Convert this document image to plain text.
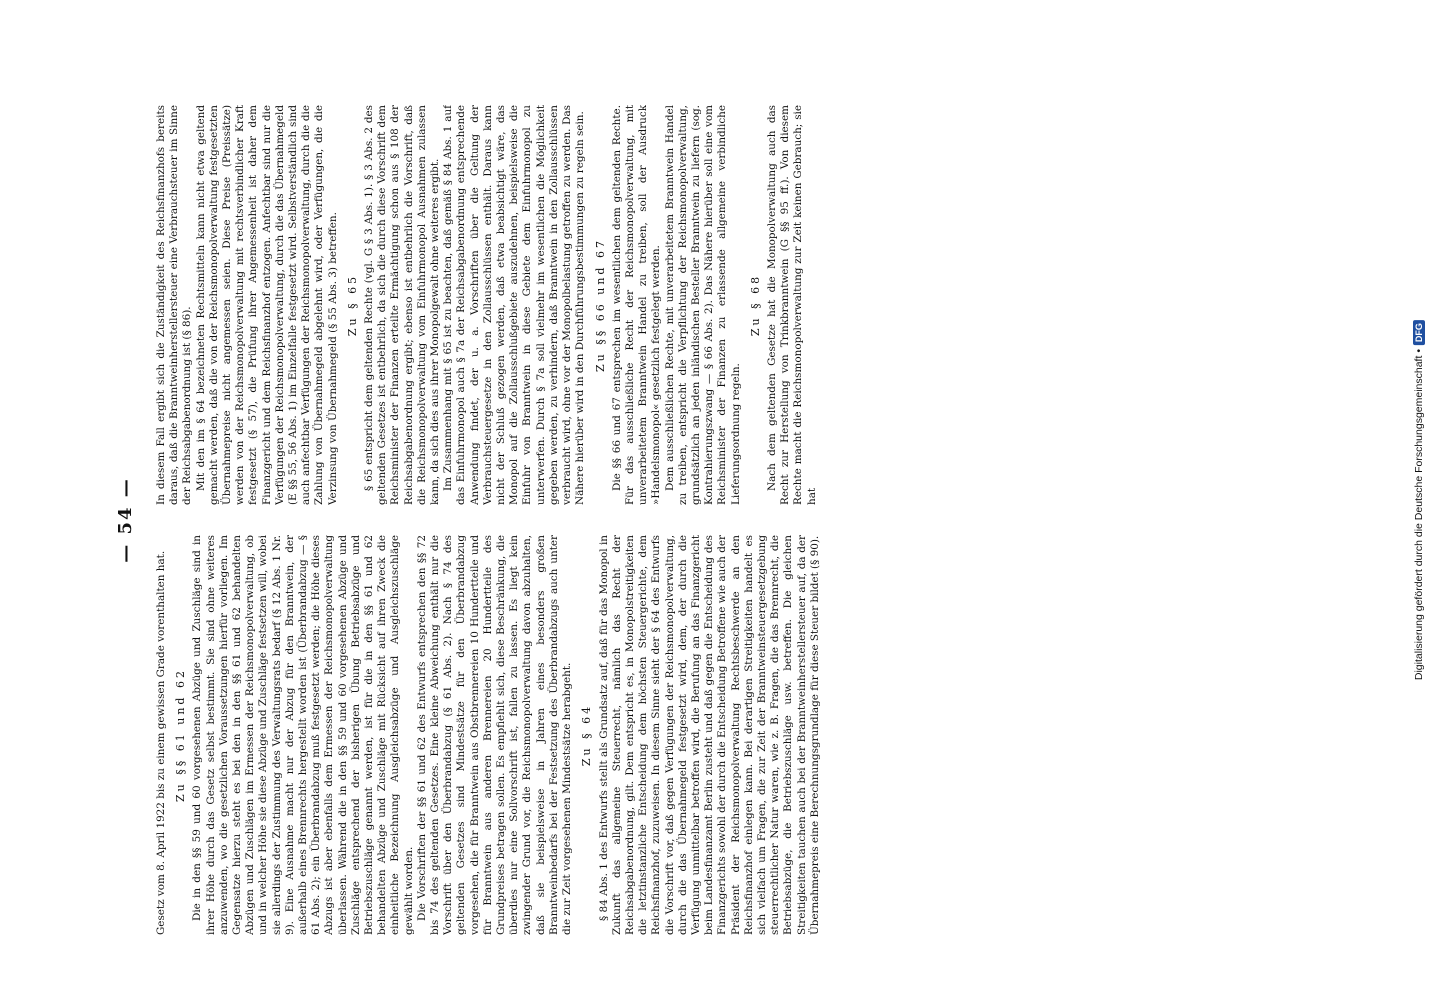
— 54 —

Gesetz vom 8. April 1922 bis zu einem gewissen Grade vorenthalten hat. Zu §§ 61 und 62 Die in den §§ 59 und 60 vorgesehenen Abzüge und Zuschläge sind in ihrer Höhe durch das Gesetz selbst bestimmt. Sie sind ohne weiteres anzuwenden, wo die gesetzlichen Voraussetzungen hierfür vorliegen. Im Gegensatze hierzu steht es bei den in den §§ 61 und 62 behandelten Abzügen und Zuschlägen im Ermessen der Reichsmonopolverwaltung, ob und in welcher Höhe sie diese Abzüge und Zuschläge festsetzen will, wobei sie allerdings der Zustimmung des Verwaltungsrats bedarf (§ 12 Abs. 1 Nr. 9). Eine Ausnahme macht nur der Abzug für den Branntwein, der außerhalb eines Brennrechts hergestellt worden ist (Überbrandabzug — § 61 Abs. 2); ein Überbrandabzug muß festgesetzt werden; die Höhe dieses Abzugs ist aber ebenfalls dem Ermessen der Reichsmonopolverwaltung überlassen. Während die in den §§ 59 und 60 vorgesehenen Abzüge und Zuschläge entsprechend der bisherigen Übung Betriebsabzüge und Betriebszuschläge genannt werden, ist für die in den §§ 61 und 62 behandelten Abzüge und Zuschläge mit Rücksicht auf ihren Zweck die einheitliche Bezeichnung Ausgleichsabzüge und Ausgleichszuschläge gewählt worden. Die Vorschriften der §§ 61 und 62 des Entwurfs entsprechen den §§ 72 bis 74 des geltenden Gesetzes. Eine kleine Abweichung enthält nur die Vorschrift über den Überbrandabzug (§ 61 Abs. 2). Nach § 74 des geltenden Gesetzes sind Mindestsätze für den Überbrandabzug vorgesehen, die für Branntwein aus Obstbrennereien 10 Hundertteile und für Branntwein aus anderen Brennereien 20 Hundertteile des Grundpreises betragen sollen. Es empfiehlt sich, diese Beschränkung, die überdies nur eine Sollvorschrift ist, fallen zu lassen. Es liegt kein zwingender Grund vor, die Reichsmonopolverwaltung davon abzuhalten, daß sie beispielsweise in Jahren eines besonders großen Branntweinbedarfs bei der Festsetzung des Überbrandabzugs auch unter die zur Zeit vorgesehenen Mindestsätze herabgeht. Zu § 64 § 84 Abs. 1 des Entwurfs stellt als Grundsatz auf, daß für das Monopol in Zukunft das allgemeine Steuerrecht, nämlich das Recht der Reichsabgabenordnung, gilt. Dem entspricht es, in Monopolstreitigkeiten die letztinstanzliche Entscheidung dem höchsten Steuergerichte, dem Reichsfinanzhof, zuzuweisen. In diesem Sinne sieht der § 64 des Entwurfs die Vorschrift vor, daß gegen Verfügungen der Reichsmonopolverwaltung, durch die das Übernahmegeld festgesetzt wird, dem, der durch die Verfügung unmittelbar betroffen wird, die Berufung an das Finanzgericht beim Landesfinanzamt Berlin zusteht und daß gegen die Entscheidung des Finanzgerichts sowohl der durch die Entscheidung Betroffene wie auch der Präsident der Reichsmonopolverwaltung Rechtsbeschwerde an den Reichsfinanzhof einlegen kann. Bei derartigen Streitigkeiten handelt es sich vielfach um Fragen, die zur Zeit der Branntweinsteuergesetzgebung steuerrechtlicher Natur waren, wie z. B. Fragen, die das Brennrecht, die Betriebsabzüge, die Betriebszuschläge usw. betreffen. Die gleichen Streitigkeiten tauchen auch bei der Branntweinherstellersteuer auf, da der Übernahmepreis eine Berechnungsgrundlage für diese Steuer bildet (§ 90).

In diesem Fall ergibt sich die Zuständigkeit des Reichsfinanzhofs bereits daraus, daß die Branntweinherstellersteuer eine Verbrauchsteuer im Sinne der Reichsabgabenordnung ist (§ 86). Mit den im § 64 bezeichneten Rechtsmitteln kann nicht etwa geltend gemacht werden, daß die von der Reichsmonopolverwaltung festgesetzten Übernahmepreise nicht angemessen seien. Diese Preise (Preissätze) werden von der Reichsmonopolverwaltung mit rechtsverbindlicher Kraft festgesetzt (§ 57), die Prüfung ihrer Angemessenheit ist daher dem Finanzgericht und dem Reichsfinanzhof entzogen. Anfechtbar sind nur die Verfügungen der Reichsmonopolverwaltung, durch die das Übernahmegeld (E §§ 55, 56 Abs. 1) im Einzelfalle festgesetzt wird. Selbstverständlich sind auch anfechtbar Verfügungen der Reichsmonopolverwaltung, durch die die Zahlung von Übernahmegeld abgelehnt wird, oder Verfügungen, die die Verzinsung von Übernahmegeld (§ 55 Abs. 3) betreffen. Zu § 65 § 65 entspricht dem geltenden Rechte (vgl. G § 3 Abs. 1). § 3 Abs. 2 des geltenden Gesetzes ist entbehrlich, da sich die durch diese Vorschrift dem Reichsminister der Finanzen erteilte Ermächtigung schon aus § 108 der Reichsabgabenordnung ergibt; ebenso ist entbehrlich die Vorschrift, daß die Reichsmonopolverwaltung vom Einfuhrmonopol Ausnahmen zulassen kann, da sich dies aus ihrer Monopolgewalt ohne weiteres ergibt. Im Zusammenhang mit § 65 ist zu beachten, daß gemäß § 84 Abs. 1 auf das Einfuhrmonopol auch § 7a der Reichsabgabenordnung entsprechende Anwendung findet, der u. a. Vorschriften über die Geltung der Verbrauchsteuergesetze in den Zollausschlüssen enthält. Daraus kann nicht der Schluß gezogen werden, daß etwa beabsichtigt wäre, das Monopol auf die Zollausschlußgebiete auszudehnen, beispielsweise die Einfuhr von Branntwein in diese Gebiete dem Einfuhrmonopol zu unterwerfen. Durch § 7a soll vielmehr im wesentlichen die Möglichkeit gegeben werden, zu verhindern, daß Branntwein in den Zollausschlüssen verbraucht wird, ohne vor der Monopolbelastung getroffen zu werden. Das Nähere hierüber wird in den Durchführungsbestimmungen zu regeln sein. Zu §§ 66 und 67 Die §§ 66 und 67 entsprechen im wesentlichen dem geltenden Rechte. Für das ausschließliche Recht der Reichsmonopolverwaltung, mit unverarbeitetem Branntwein Handel zu treiben, soll der Ausdruck »Handelsmonopol« gesetzlich festgelegt werden. Dem ausschließlichen Rechte, mit unverarbeitetem Branntwein Handel zu treiben, entspricht die Verpflichtung der Reichsmonopolverwaltung, grundsätzlich an jeden inländischen Besteller Branntwein zu liefern (sog. Kontrahierungszwang — § 66 Abs. 2). Das Nähere hierüber soll eine vom Reichsminister der Finanzen zu erlassende allgemeine verbindliche Lieferungsordnung regeln.

Zu § 68 Nach dem geltenden Gesetze hat die Monopolverwaltung auch das Recht zur Herstellung von Trinkbranntwein (G §§ 95 ff.). Von diesem Rechte macht die Reichsmonopolverwaltung zur Zeit keinen Gebrauch; sie hat	Digitalisierung gefördert durch die Deutsche Forschungsgemeinschaft •
DFG
